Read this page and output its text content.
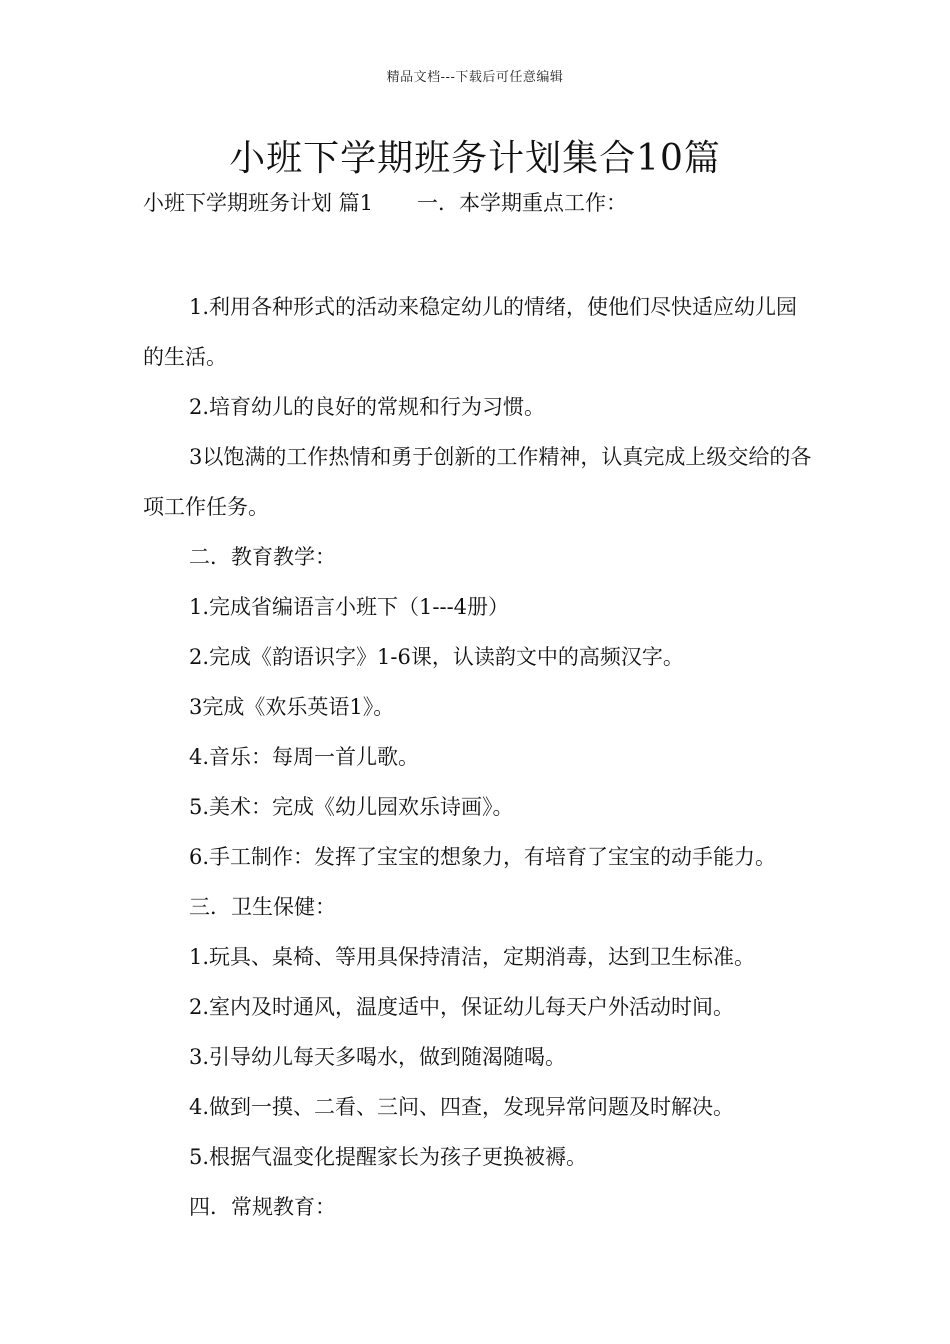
精品文档---下载后可任意编辑
小班下学期班务计划集合10篇
小班下学期班务计划 篇1 一．本学期重点工作：

1.利用各种形式的活动来稳定幼儿的情绪，使他们尽快适应幼儿园的生活。

2.培育幼儿的良好的常规和行为习惯。

3以饱满的工作热情和勇于创新的工作精神，认真完成上级交给的各项工作任务。

二．教育教学：

1.完成省编语言小班下（1---4册）

2.完成《韵语识字》1-6课，认读韵文中的高频汉字。

3完成《欢乐英语1》。

4.音乐：每周一首儿歌。

5.美术：完成《幼儿园欢乐诗画》。

6.手工制作：发挥了宝宝的想象力，有培育了宝宝的动手能力。

三．卫生保健：

1.玩具、桌椅、等用具保持清洁，定期消毒，达到卫生标准。

2.室内及时通风，温度适中，保证幼儿每天户外活动时间。

3.引导幼儿每天多喝水，做到随渴随喝。

4.做到一摸、二看、三问、四查，发现异常问题及时解决。

5.根据气温变化提醒家长为孩子更换被褥。

四．常规教育：
